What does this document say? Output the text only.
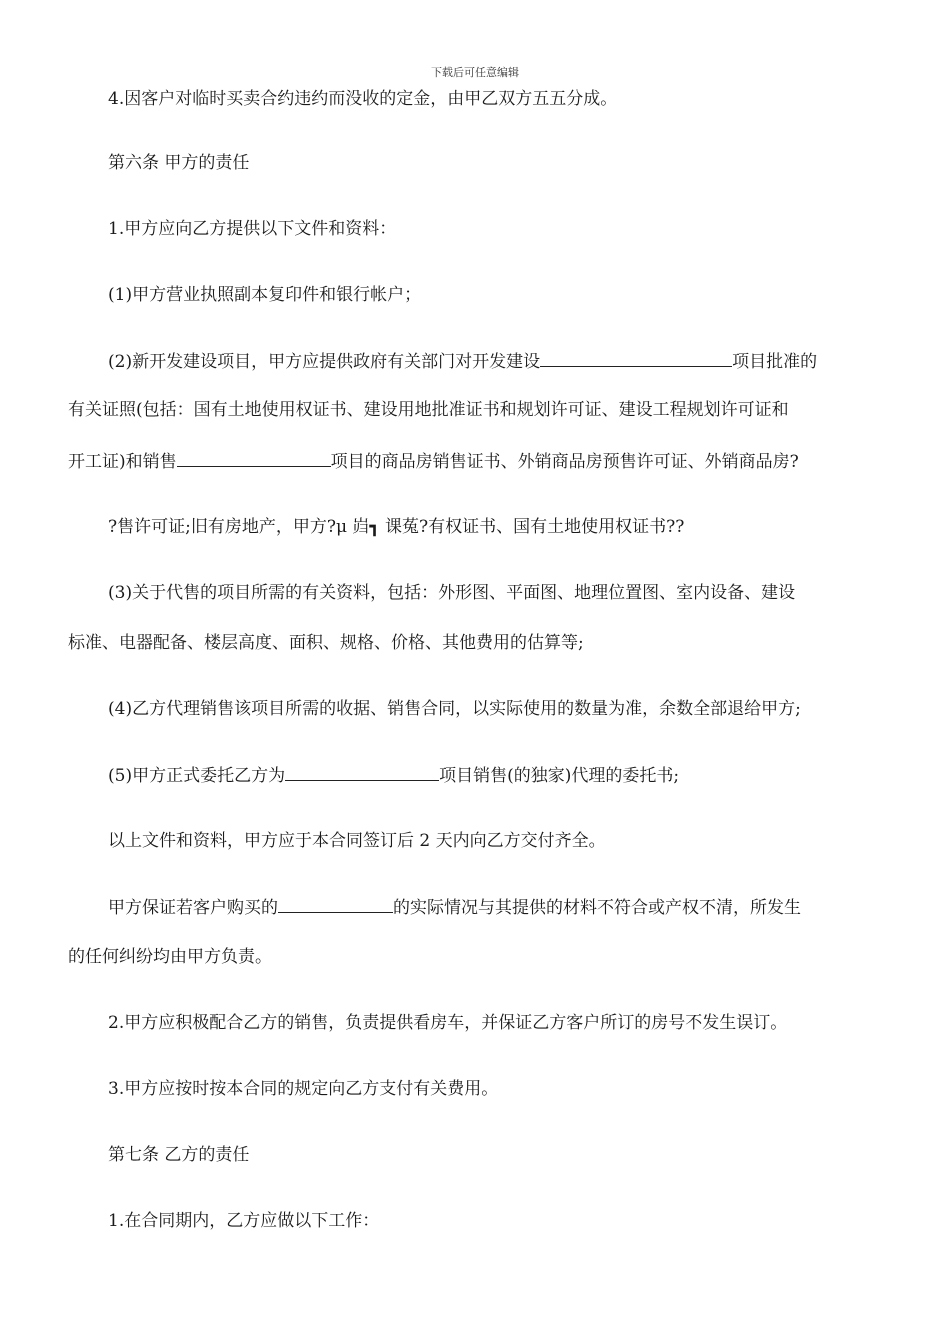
下载后可任意编辑
4.因客户对临时买卖合约违约而没收的定金，由甲乙双方五五分成。
第六条 甲方的责任
1.甲方应向乙方提供以下文件和资料：
(1)甲方营业执照副本复印件和银行帐户；
(2)新开发建设项目，甲方应提供政府有关部门对开发建设	项目批准的
有关证照(包括：国有土地使用权证书、建设用地批准证书和规划许可证、建设工程规划许可证和
开工证)和销售	项目的商品房销售证书、外销商品房预售许可证、外销商品房?
?售许可证;旧有房地产，甲方?μ 岿┓ 课菟?有权证书、国有土地使用权证书??
(3)关于代售的项目所需的有关资料，包括：外形图、平面图、地理位置图、室内设备、建设
标准、电器配备、楼层高度、面积、规格、价格、其他费用的估算等;
(4)乙方代理销售该项目所需的收据、销售合同，以实际使用的数量为准，余数全部退给甲方;
(5)甲方正式委托乙方为	项目销售(的独家)代理的委托书;
以上文件和资料，甲方应于本合同签订后 2 天内向乙方交付齐全。
甲方保证若客户购买的	的实际情况与其提供的材料不符合或产权不清，所发生
的任何纠纷均由甲方负责。
2.甲方应积极配合乙方的销售，负责提供看房车，并保证乙方客户所订的房号不发生误订。
3.甲方应按时按本合同的规定向乙方支付有关费用。
第七条 乙方的责任
1.在合同期内，乙方应做以下工作：
